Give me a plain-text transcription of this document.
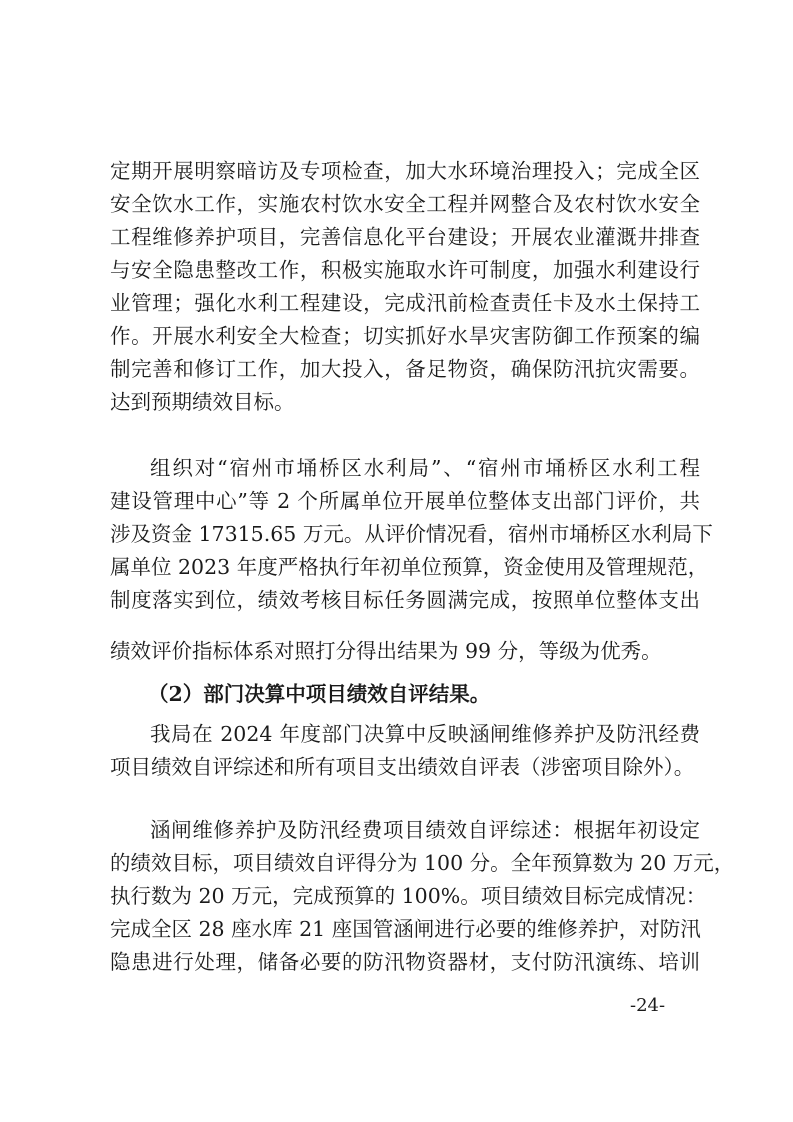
定期开展明察暗访及专项检查，加大水环境治理投入；完成全区
安全饮水工作，实施农村饮水安全工程并网整合及农村饮水安全
工程维修养护项目，完善信息化平台建设；开展农业灌溉井排查
与安全隐患整改工作，积极实施取水许可制度，加强水利建设行
业管理；强化水利工程建设，完成汛前检查责任卡及水土保持工
作。开展水利安全大检查；切实抓好水旱灾害防御工作预案的编
制完善和修订工作，加大投入，备足物资，确保防汛抗灾需要。
达到预期绩效目标。
组织对“宿州市埇桥区水利局”、“宿州市埇桥区水利工程
建设管理中心”等 2 个所属单位开展单位整体支出部门评价，共
涉及资金 17315.65 万元。从评价情况看，宿州市埇桥区水利局下
属单位 2023 年度严格执行年初单位预算，资金使用及管理规范，
制度落实到位，绩效考核目标任务圆满完成，按照单位整体支出
绩效评价指标体系对照打分得出结果为 99 分，等级为优秀。
（2）部门决算中项目绩效自评结果。
我局在 2024 年度部门决算中反映涵闸维修养护及防汛经费
项目绩效自评综述和所有项目支出绩效自评表（涉密项目除外）。
涵闸维修养护及防汛经费项目绩效自评综述：根据年初设定
的绩效目标，项目绩效自评得分为 100 分。全年预算数为 20 万元，
执行数为 20 万元，完成预算的 100%。项目绩效目标完成情况：
完成全区 28 座水库 21 座国管涵闸进行必要的维修养护，对防汛
隐患进行处理，储备必要的防汛物资器材，支付防汛演练、培训
-24-
